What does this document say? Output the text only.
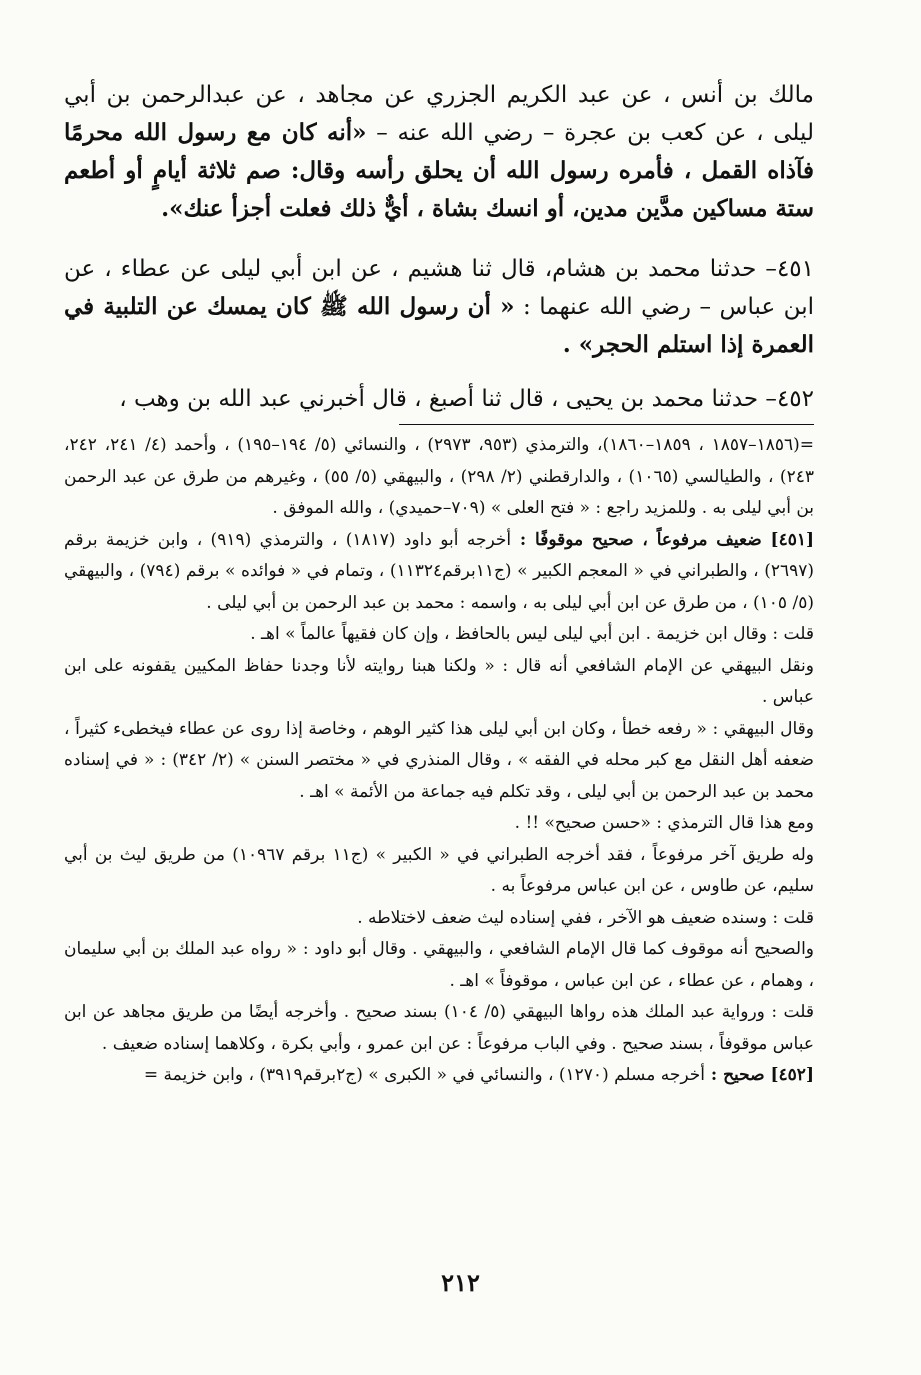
مالك بن أنس ، عن عبد الكريم الجزري عن مجاهد ، عن عبدالرحمن بن أبي ليلى ، عن كعب بن عجرة – رضي الله عنه – «أنه كان مع رسول الله محرمًا فآذاه القمل ، فأمره رسول الله أن يحلق رأسه وقال: صم ثلاثة أيامٍ أو أطعم ستة مساكين مدَّين مدين، أو انسك بشاة ، أيٌّ ذلك فعلت أجزأ عنك».

٤٥١– حدثنا محمد بن هشام، قال ثنا هشيم ، عن ابن أبي ليلى عن عطاء ، عن ابن عباس – رضي الله عنهما : « أن رسول الله ﷺ كان يمسك عن التلبية في العمرة إذا استلم الحجر» .

٤٥٢– حدثنا محمد بن يحيى ، قال ثنا أصبغ ، قال أخبرني عبد الله بن وهب ،

=(١٨٥٦–١٨٥٧ ، ١٨٥٩–١٨٦٠)، والترمذي (٩٥٣، ٢٩٧٣) ، والنسائي (٥/ ١٩٤–١٩٥) ، وأحمد (٤/ ٢٤١، ٢٤٢، ٢٤٣) ، والطيالسي (١٠٦٥) ، والدارقطني (٢/ ٢٩٨) ، والبيهقي (٥/ ٥٥) ، وغيرهم من طرق عن عبد الرحمن بن أبي ليلى به . وللمزيد راجع : « فتح العلى » (٧٠٩–حميدي) ، والله الموفق .

[٤٥١] ضعيف مرفوعاً ، صحيح موقوفًا : أخرجه أبو داود (١٨١٧) ، والترمذي (٩١٩) ، وابن خزيمة برقم (٢٦٩٧) ، والطبراني في « المعجم الكبير » (ج١١برقم١١٣٢٤) ، وتمام في « فوائده » برقم (٧٩٤) ، والبيهقي (٥/ ١٠٥) ، من طرق عن ابن أبي ليلى به ، واسمه : محمد بن عبد الرحمن بن أبي ليلى .

قلت : وقال ابن خزيمة . ابن أبي ليلى ليس بالحافظ ، وإن كان فقيهاً عالماً » اهـ .

ونقل البيهقي عن الإمام الشافعي أنه قال : « ولكنا هبنا روايته لأنا وجدنا حفاظ المكيين يقفونه على ابن عباس .

وقال البيهقي : « رفعه خطأ ، وكان ابن أبي ليلى هذا كثير الوهم ، وخاصة إذا روى عن عطاء فيخطىء كثيراً ، ضعفه أهل النقل مع كبر محله في الفقه » ، وقال المنذري في « مختصر السنن » (٢/ ٣٤٢) : « في إسناده محمد بن عبد الرحمن بن أبي ليلى ، وقد تكلم فيه جماعة من الأئمة » اهـ .

ومع هذا قال الترمذي : «حسن صحيح» !! .

وله طريق آخر مرفوعاً ، فقد أخرجه الطبراني في « الكبير » (ج١١ برقم ١٠٩٦٧) من طريق ليث بن أبي سليم، عن طاوس ، عن ابن عباس مرفوعاً به .

قلت : وسنده ضعيف هو الآخر ، ففي إسناده ليث ضعف لاختلاطه .

والصحيح أنه موقوف كما قال الإمام الشافعي ، والبيهقي . وقال أبو داود : « رواه عبد الملك بن أبي سليمان ، وهمام ، عن عطاء ، عن ابن عباس ، موقوفاً » اهـ .

قلت : ورواية عبد الملك هذه رواها البيهقي (٥/ ١٠٤) بسند صحيح . وأخرجه أيضًا من طريق مجاهد عن ابن عباس موقوفاً ، بسند صحيح . وفي الباب مرفوعاً : عن ابن عمرو ، وأبي بكرة ، وكلاهما إسناده ضعيف .

[٤٥٢] صحيح : أخرجه مسلم (١٢٧٠) ، والنسائي في « الكبرى » (ج٢برقم٣٩١٩) ، وابن خزيمة =

٢١٢
